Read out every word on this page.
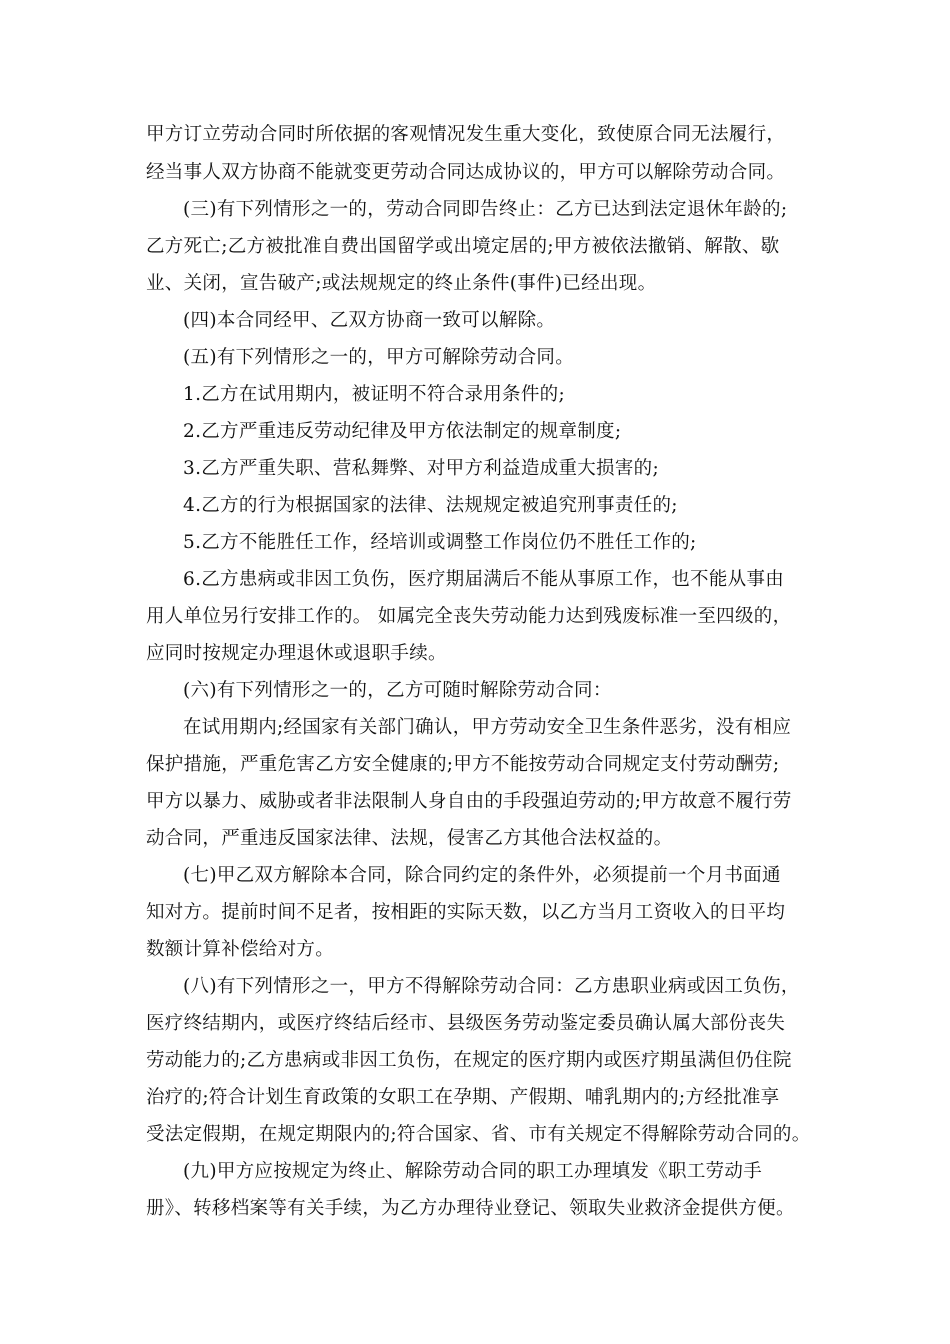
甲方订立劳动合同时所依据的客观情况发生重大变化，致使原合同无法履行，
经当事人双方协商不能就变更劳动合同达成协议的，甲方可以解除劳动合同。
(三)有下列情形之一的，劳动合同即告终止：乙方已达到法定退休年龄的;
乙方死亡;乙方被批准自费出国留学或出境定居的;甲方被依法撤销、解散、歇
业、关闭，宣告破产;或法规规定的终止条件(事件)已经出现。
(四)本合同经甲、乙双方协商一致可以解除。
(五)有下列情形之一的，甲方可解除劳动合同。
1.乙方在试用期内，被证明不符合录用条件的;
2.乙方严重违反劳动纪律及甲方依法制定的规章制度;
3.乙方严重失职、营私舞弊、对甲方利益造成重大损害的;
4.乙方的行为根据国家的法律、法规规定被追究刑事责任的;
5.乙方不能胜任工作，经培训或调整工作岗位仍不胜任工作的;
6.乙方患病或非因工负伤，医疗期届满后不能从事原工作，也不能从事由
用人单位另行安排工作的。 如属完全丧失劳动能力达到残废标准一至四级的，
应同时按规定办理退休或退职手续。
(六)有下列情形之一的，乙方可随时解除劳动合同：
在试用期内;经国家有关部门确认，甲方劳动安全卫生条件恶劣，没有相应
保护措施，严重危害乙方安全健康的;甲方不能按劳动合同规定支付劳动酬劳;
甲方以暴力、威胁或者非法限制人身自由的手段强迫劳动的;甲方故意不履行劳
动合同，严重违反国家法律、法规，侵害乙方其他合法权益的。
(七)甲乙双方解除本合同，除合同约定的条件外，必须提前一个月书面通
知对方。提前时间不足者，按相距的实际天数，以乙方当月工资收入的日平均
数额计算补偿给对方。
(八)有下列情形之一，甲方不得解除劳动合同：乙方患职业病或因工负伤，
医疗终结期内，或医疗终结后经市、县级医务劳动鉴定委员确认属大部份丧失
劳动能力的;乙方患病或非因工负伤，在规定的医疗期内或医疗期虽满但仍住院
治疗的;符合计划生育政策的女职工在孕期、产假期、哺乳期内的;方经批准享
受法定假期，在规定期限内的;符合国家、省、市有关规定不得解除劳动合同的。
(九)甲方应按规定为终止、解除劳动合同的职工办理填发《职工劳动手
册》、转移档案等有关手续，为乙方办理待业登记、领取失业救济金提供方便。
